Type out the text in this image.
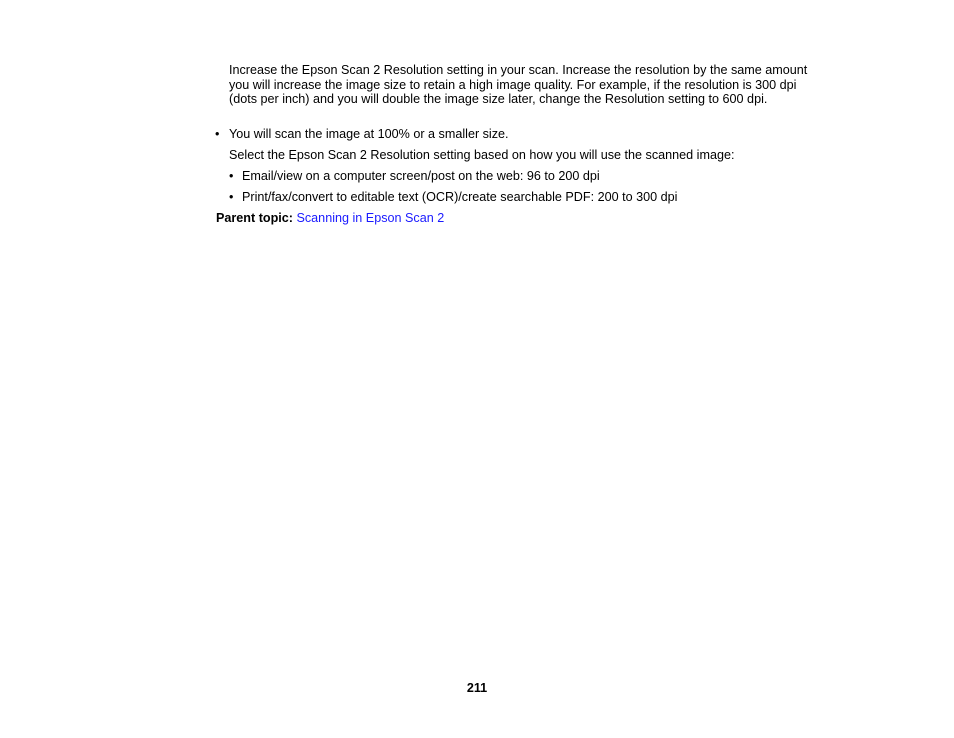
Increase the Epson Scan 2 Resolution setting in your scan. Increase the resolution by the same amount you will increase the image size to retain a high image quality. For example, if the resolution is 300 dpi (dots per inch) and you will double the image size later, change the Resolution setting to 600 dpi.

• You will scan the image at 100% or a smaller size.

Select the Epson Scan 2 Resolution setting based on how you will use the scanned image:

• Email/view on a computer screen/post on the web: 96 to 200 dpi
• Print/fax/convert to editable text (OCR)/create searchable PDF: 200 to 300 dpi
Parent topic: Scanning in Epson Scan 2
211
